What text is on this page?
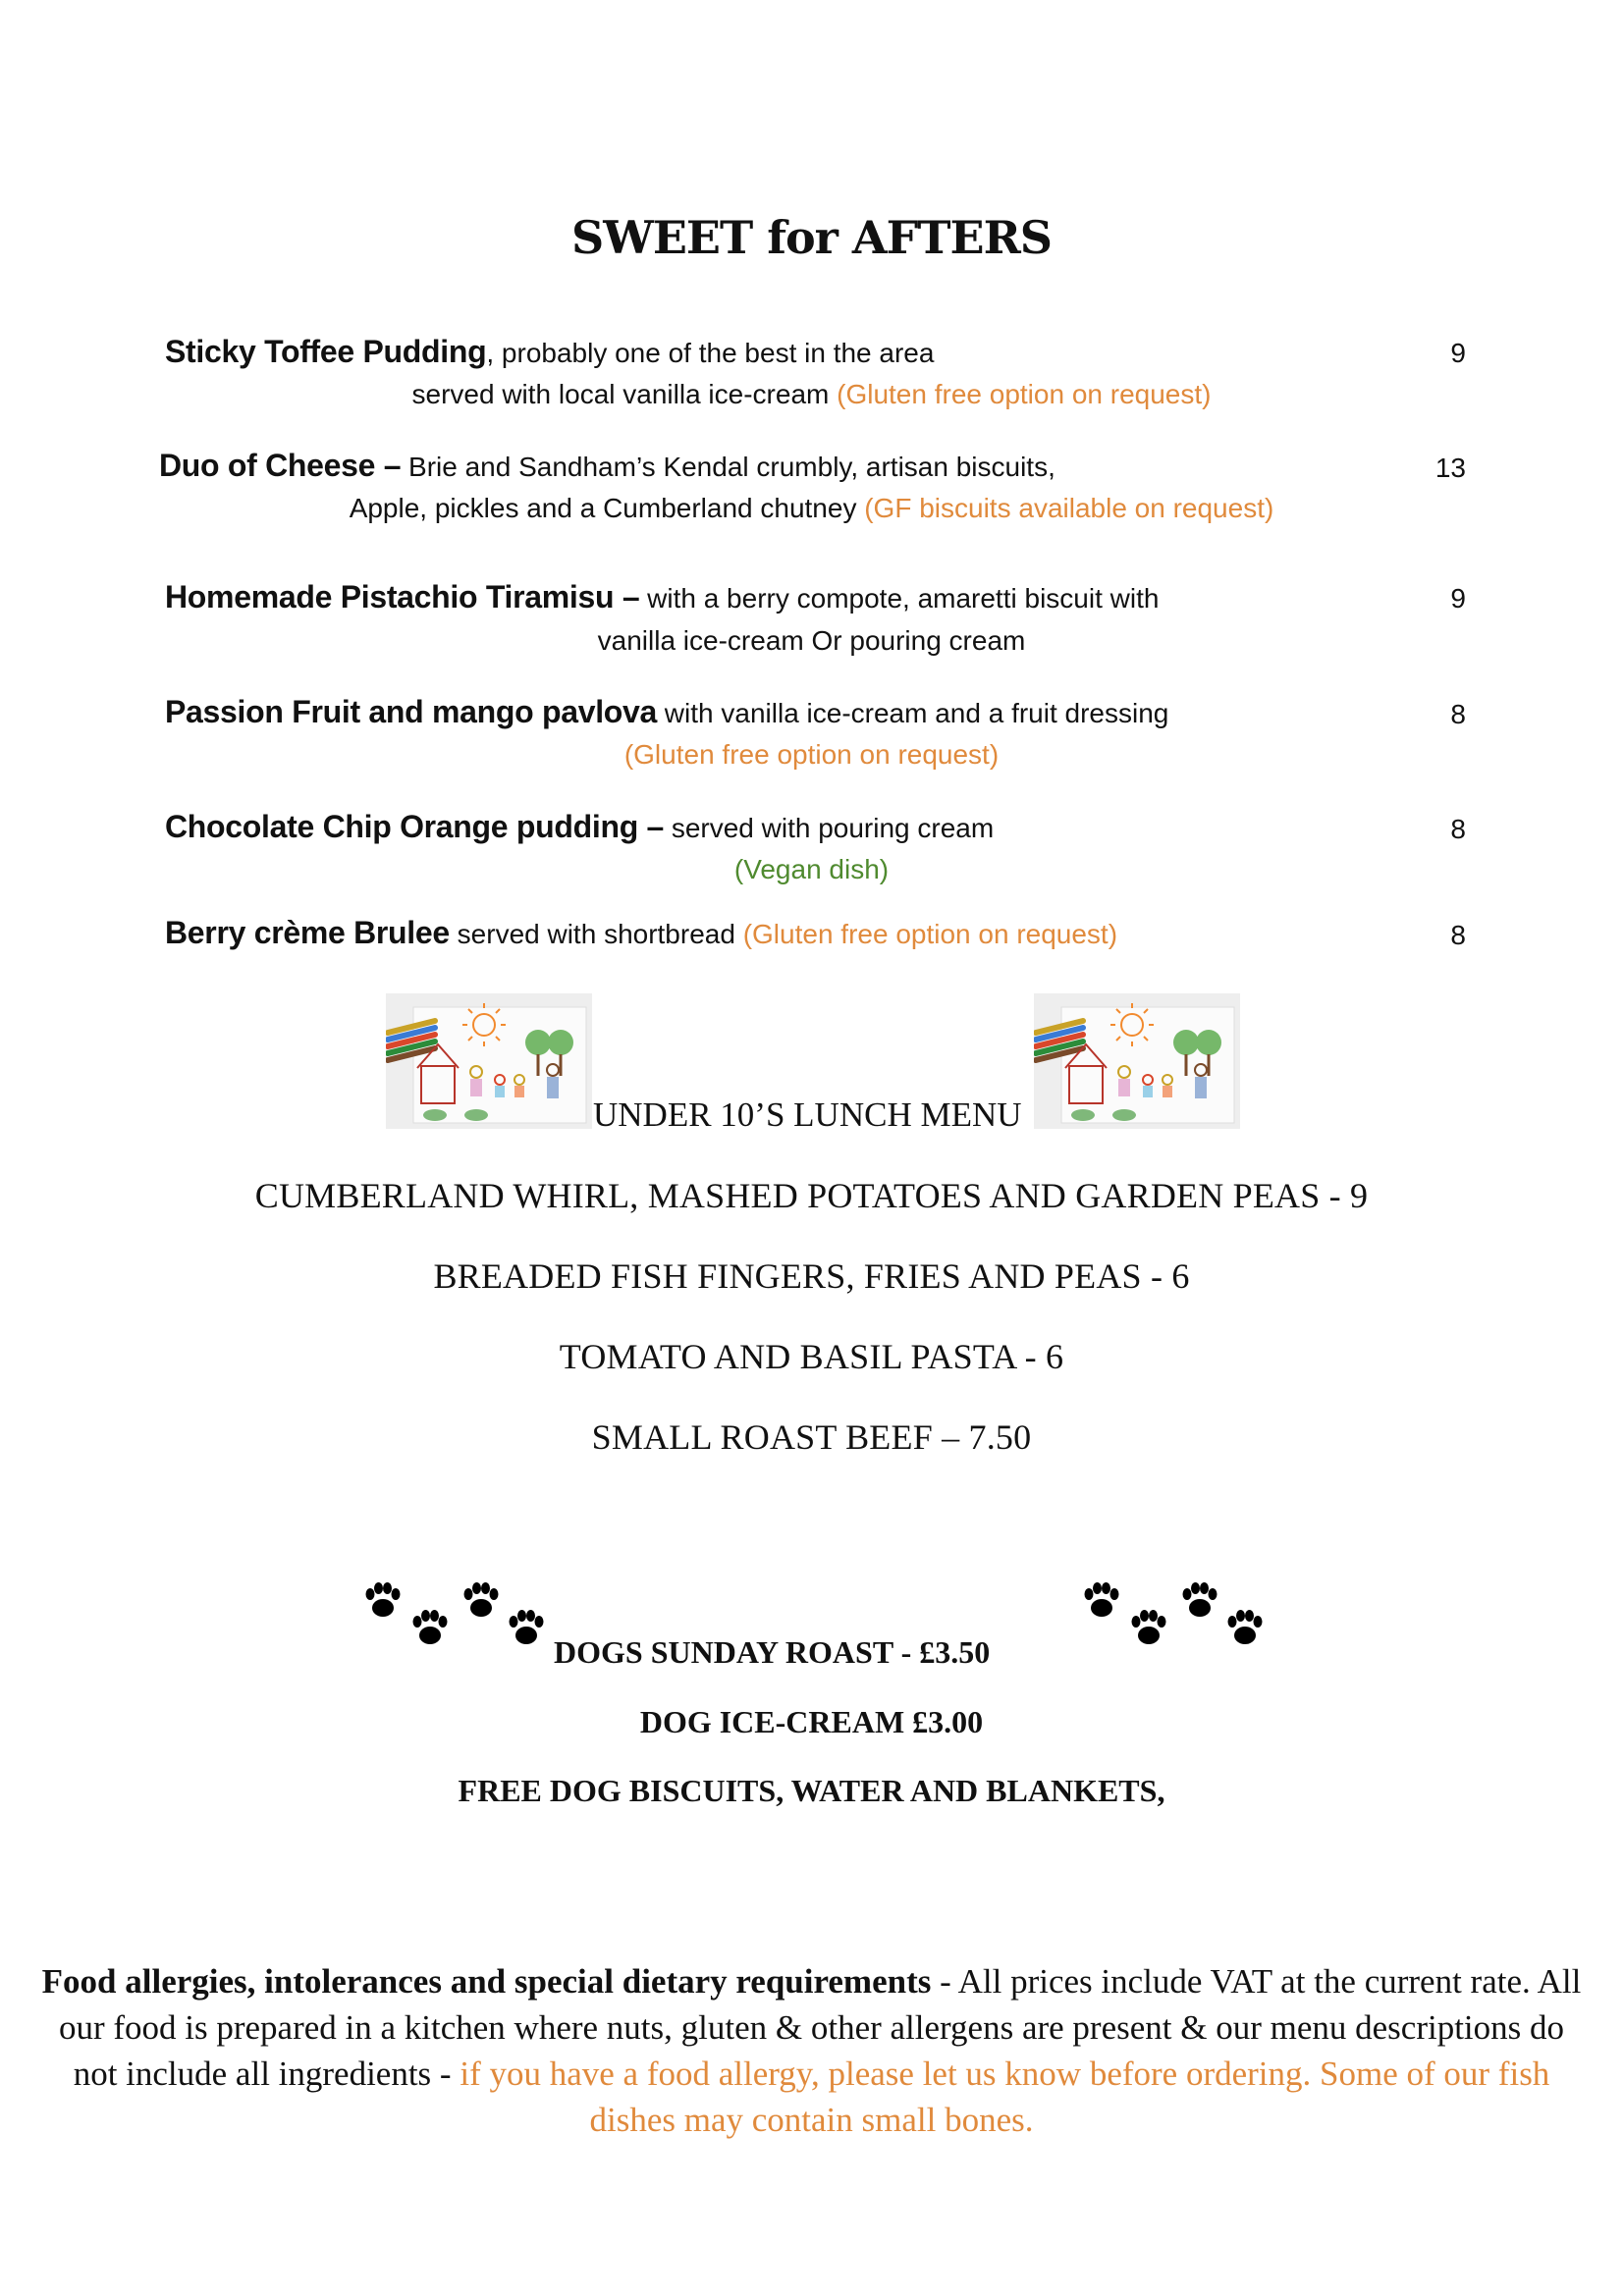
SWEET for AFTERS
Sticky Toffee Pudding, probably one of the best in the area	9
served with local vanilla ice-cream (Gluten free option on request)
Duo of Cheese – Brie and Sandham’s Kendal crumbly, artisan biscuits,	13
Apple, pickles and a Cumberland chutney (GF biscuits available on request)
Homemade Pistachio Tiramisu – with a berry compote, amaretti biscuit with	9
vanilla ice-cream Or pouring cream
Passion Fruit and mango pavlova with vanilla ice-cream and a fruit dressing	8
(Gluten free option on request)
Chocolate Chip Orange pudding – served with pouring cream	8
(Vegan dish)
Berry crème Brulee served with shortbread (Gluten free option on request)	8
UNDER 10’S LUNCH MENU
CUMBERLAND WHIRL, MASHED POTATOES AND GARDEN PEAS - 9
BREADED FISH FINGERS, FRIES AND PEAS - 6
TOMATO AND BASIL PASTA - 6
SMALL ROAST BEEF – 7.50
DOGS SUNDAY ROAST - £3.50
DOG ICE-CREAM £3.00
FREE DOG BISCUITS, WATER AND BLANKETS,
Food allergies, intolerances and special dietary requirements - All prices include VAT at the current rate. All our food is prepared in a kitchen where nuts, gluten & other allergens are present & our menu descriptions do not include all ingredients - if you have a food allergy, please let us know before ordering. Some of our fish dishes may contain small bones.
